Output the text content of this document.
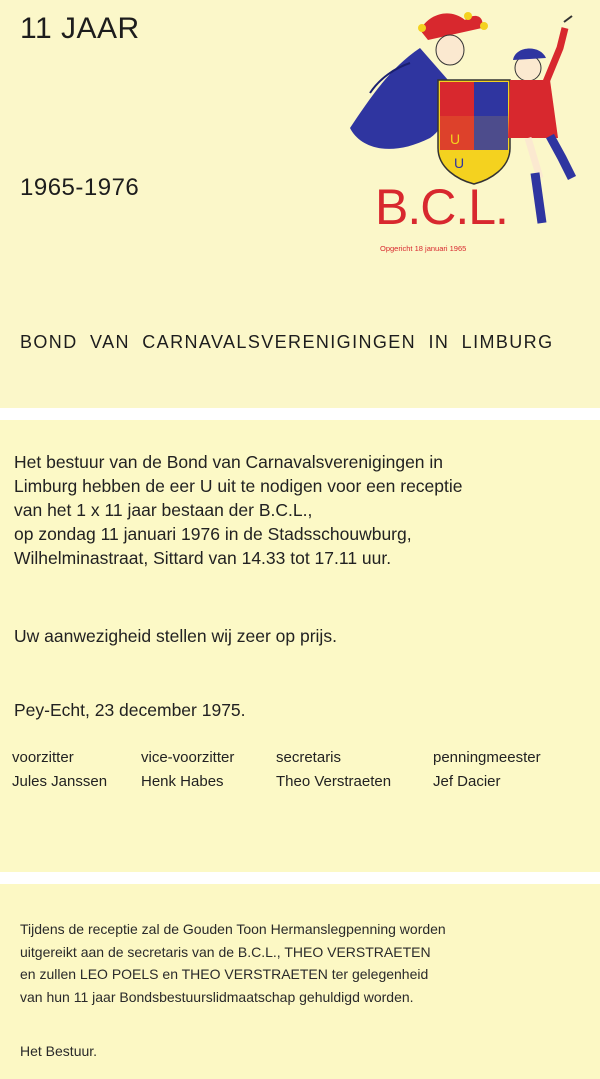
11 JAAR
1965-1976
BOND VAN CARNAVALSVERENIGINGEN IN LIMBURG
U
U
B.C.L.
Opgericht 18 januari 1965
Het bestuur van de Bond van Carnavalsverenigingen in
Limburg hebben de eer U uit te nodigen voor een receptie
van het 1 x 11 jaar bestaan der B.C.L.,
op zondag 11 januari 1976 in de Stadsschouwburg,
Wilhelminastraat, Sittard van 14.33 tot 17.11 uur.
Uw aanwezigheid stellen wij zeer op prijs.
Pey-Echt, 23 december 1975.
voorzitter
Jules Janssen
vice-voorzitter
Henk Habes
secretaris
Theo Verstraeten
penningmeester
Jef Dacier
Tijdens de receptie zal de Gouden Toon Hermanslegpenning worden
uitgereikt aan de secretaris van de B.C.L., THEO VERSTRAETEN
en zullen LEO POELS en THEO VERSTRAETEN ter gelegenheid
van hun 11 jaar Bondsbestuurslidmaatschap gehuldigd worden.
Het Bestuur.
